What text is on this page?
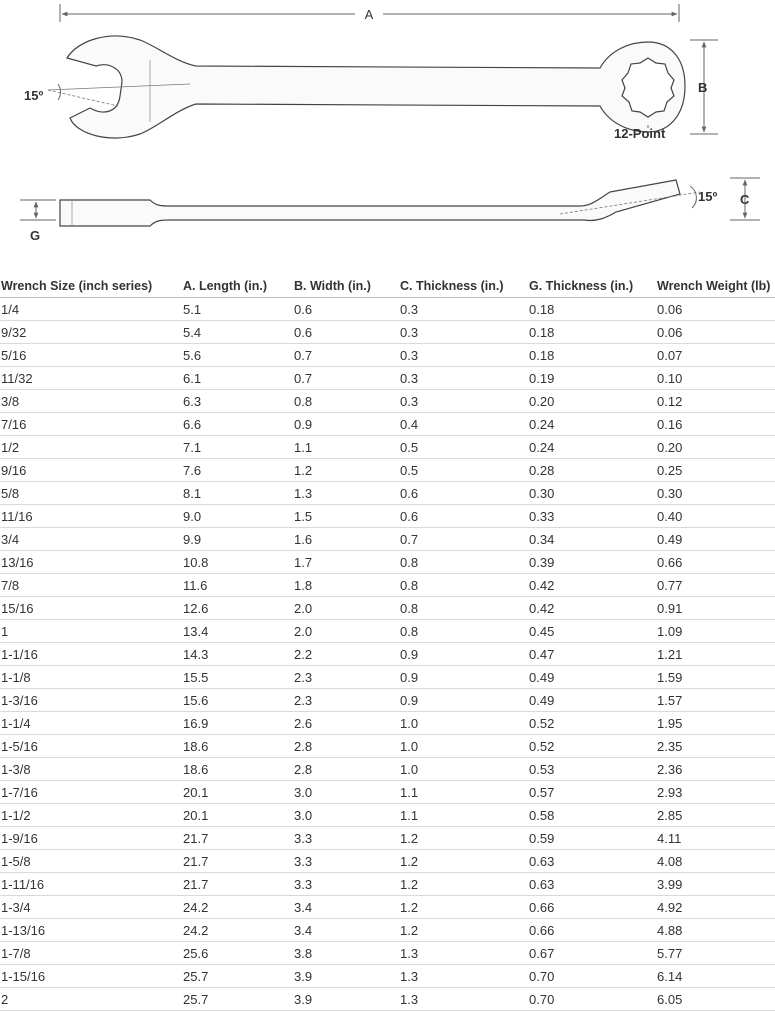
A
B
15º
12-Point
15º C
G
Wrench Size (inch series)	A. Length (in.)	B. Width (in.)	C. Thickness (in.)	G. Thickness (in.)	Wrench Weight (lb)
1/4	5.1	0.6	0.3	0.18	0.06
9/32	5.4	0.6	0.3	0.18	0.06
5/16	5.6	0.7	0.3	0.18	0.07
11/32	6.1	0.7	0.3	0.19	0.10
3/8	6.3	0.8	0.3	0.20	0.12
7/16	6.6	0.9	0.4	0.24	0.16
1/2	7.1	1.1	0.5	0.24	0.20
9/16	7.6	1.2	0.5	0.28	0.25
5/8	8.1	1.3	0.6	0.30	0.30
11/16	9.0	1.5	0.6	0.33	0.40
3/4	9.9	1.6	0.7	0.34	0.49
13/16	10.8	1.7	0.8	0.39	0.66
7/8	11.6	1.8	0.8	0.42	0.77
15/16	12.6	2.0	0.8	0.42	0.91
1	13.4	2.0	0.8	0.45	1.09
1-1/16	14.3	2.2	0.9	0.47	1.21
1-1/8	15.5	2.3	0.9	0.49	1.59
1-3/16	15.6	2.3	0.9	0.49	1.57
1-1/4	16.9	2.6	1.0	0.52	1.95
1-5/16	18.6	2.8	1.0	0.52	2.35
1-3/8	18.6	2.8	1.0	0.53	2.36
1-7/16	20.1	3.0	1.1	0.57	2.93
1-1/2	20.1	3.0	1.1	0.58	2.85
1-9/16	21.7	3.3	1.2	0.59	4.11
1-5/8	21.7	3.3	1.2	0.63	4.08
1-11/16	21.7	3.3	1.2	0.63	3.99
1-3/4	24.2	3.4	1.2	0.66	4.92
1-13/16	24.2	3.4	1.2	0.66	4.88
1-7/8	25.6	3.8	1.3	0.67	5.77
1-15/16	25.7	3.9	1.3	0.70	6.14
2	25.7	3.9	1.3	0.70	6.05
